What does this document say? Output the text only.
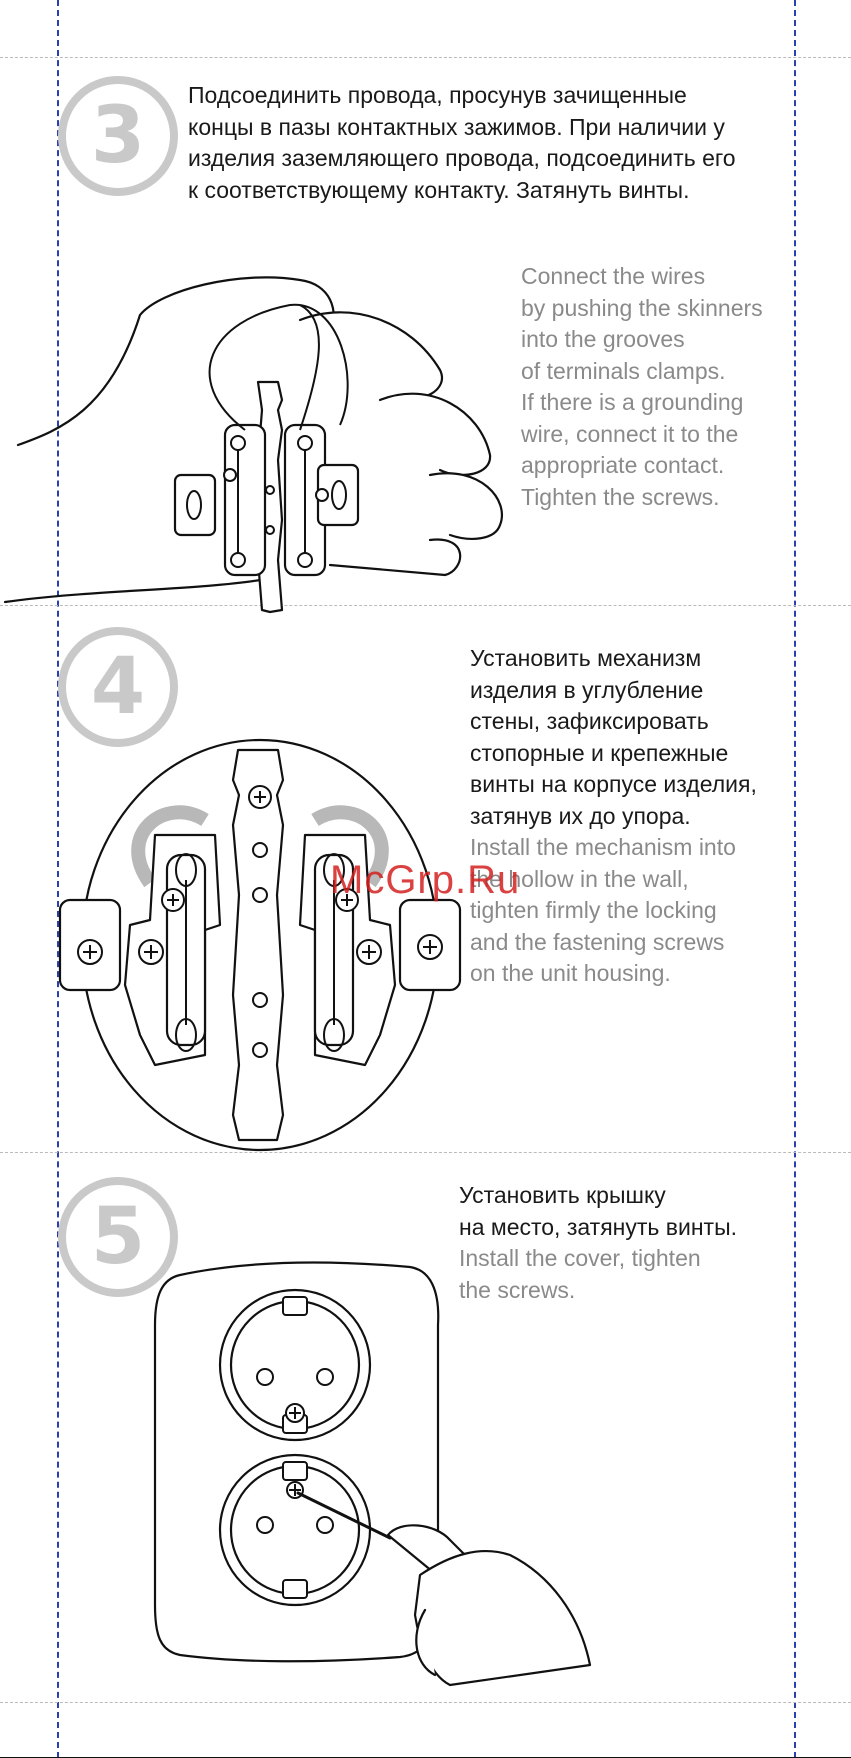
3	Подсоединить провода, просунув зачищенные
концы в пазы контактных зажимов. При наличии у
изделия заземляющего провода, подсоединить его
к соответствующему контакту. Затянуть винты.
Connect the wires
by pushing the skinners
into the grooves
of terminals clamps.
If there is a grounding
wire, connect it to the
appropriate contact.
Tighten the screws.
4	Установить механизм
изделия в углубление
стены, зафиксировать
стопорные и крепежные
винты на корпусе изделия,
затянув их до упора.
Install the mechanism into
the hollow in the wall,
tighten firmly the locking
and the fastening screws
on the unit housing.
McGrp.Ru
5	Установить крышку
на место, затянуть винты.
Install the cover, tighten
the screws.
